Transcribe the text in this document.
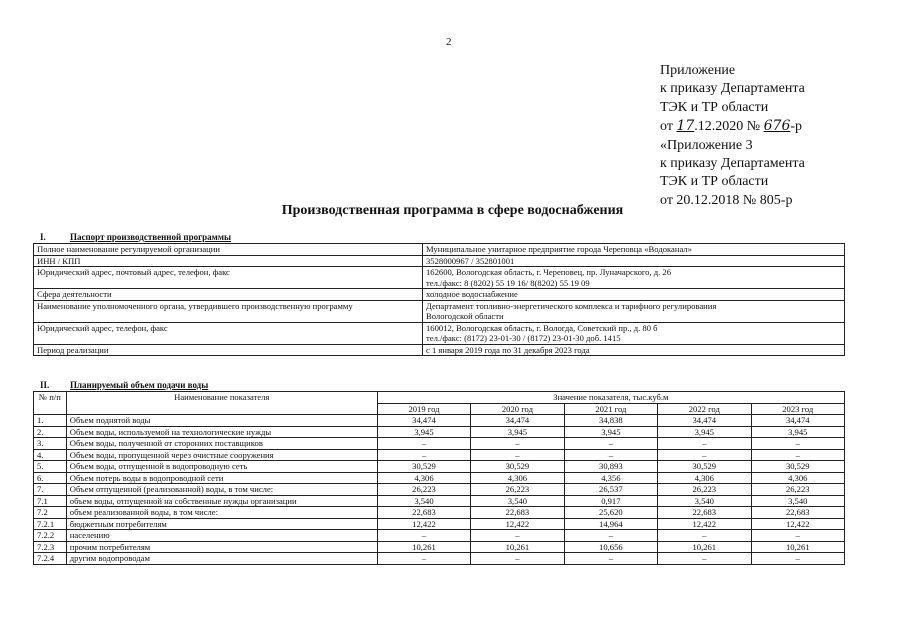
2
Приложение
к приказу Департамента
ТЭК и ТР области
от 17.12.2020 № 676-р
«Приложение 3
к приказу Департамента
ТЭК и ТР области
от 20.12.2018 № 805-р
Производственная программа в сфере водоснабжения
I.	Паспорт производственной программы
Полное наименование регулируемой организации	Муниципальное унитарное предприятие города Череповца «Водоканал»

ИНН / КПП	3528000967 / 352801001

Юридический адрес, почтовый адрес, телефон, факс	162600, Вологодская область, г. Череповец, пр. Луначарского, д. 26
тел./факс: 8 (8202) 55 19 16/ 8(8202) 55 19 09

Сфера деятельности	холодное водоснабжение

Наименование уполномоченного органа, утвердившего производственную программу	Департамент топливно-энергетического комплекса и тарифного регулирования
Вологодской области

Юридический адрес, телефон, факс	160012, Вологодская область, г. Вологда, Советский пр., д. 80 б
тел./факс: (8172) 23-01-30 / (8172) 23-01-30 доб. 1415

Период реализации	с 1 января 2019 года по 31 декабря 2023 года
II. Планируемый объем подачи воды
№ п/п	Наименование показателя	Значение показателя, тыс.куб.м				
		2019 год	2020 год	2021 год	2022 год	2023 год
1.	Объем поднятой воды	34,474	34,474	34,838	34,474	34,474
2.	Объем воды, используемой на технологические нужды	3,945	3,945	3,945	3,945	3,945
3.	Объем воды, полученной от сторонних поставщиков	–	–	–	–	–
4.	Объем воды, пропущенной через очистные сооружения	–	–	–	–	–
5.	Объем воды, отпущенной в водопроводную сеть	30,529	30,529	30,893	30,529	30,529
6.	Объем потерь воды в водопроводной сети	4,306	4,306	4,356	4,306	4,306
7.	Объем отпущенной (реализованной) воды, в том числе:	26,223	26,223	26,537	26,223	26,223
7.1	объем воды, отпущенной на собственные нужды организации	3,540	3,540	0,917	3,540	3,540
7.2	объем реализованной воды, в том числе:	22,683	22,683	25,620	22,683	22,683
7.2.1	бюджетным потребителям	12,422	12,422	14,964	12,422	12,422
7.2.2	населению	–	–	–	–	–
7.2.3	прочим потребителям	10,261	10,261	10,656	10,261	10,261
7.2.4	другим водопроводам	–	–	–	–	–
